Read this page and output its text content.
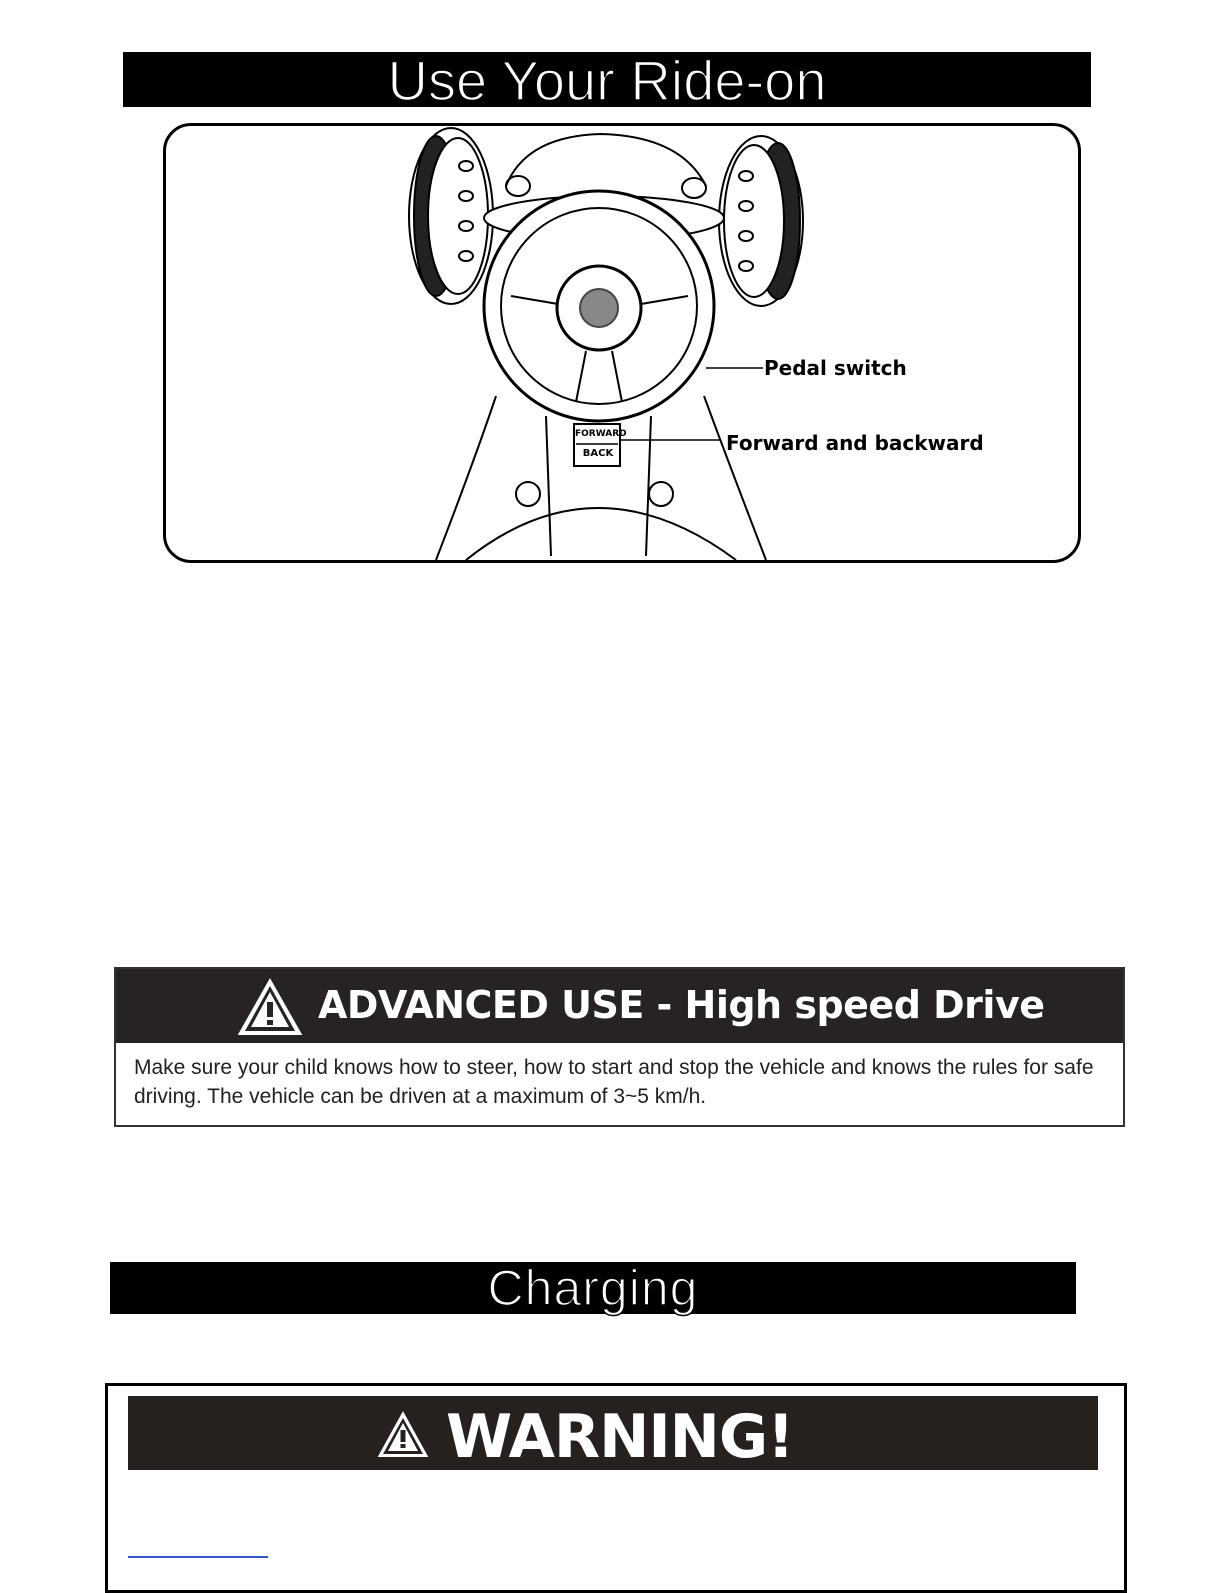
Use Your Ride-on
FORWARD
BACK
Pedal switch
Forward and backward
ADVANCED USE - High speed Drive
Make sure your child knows how to steer, how to start and stop the vehicle and knows the rules for safe driving. The vehicle can be driven at a maximum of 3~5 km/h.
Charging
WARNING!
